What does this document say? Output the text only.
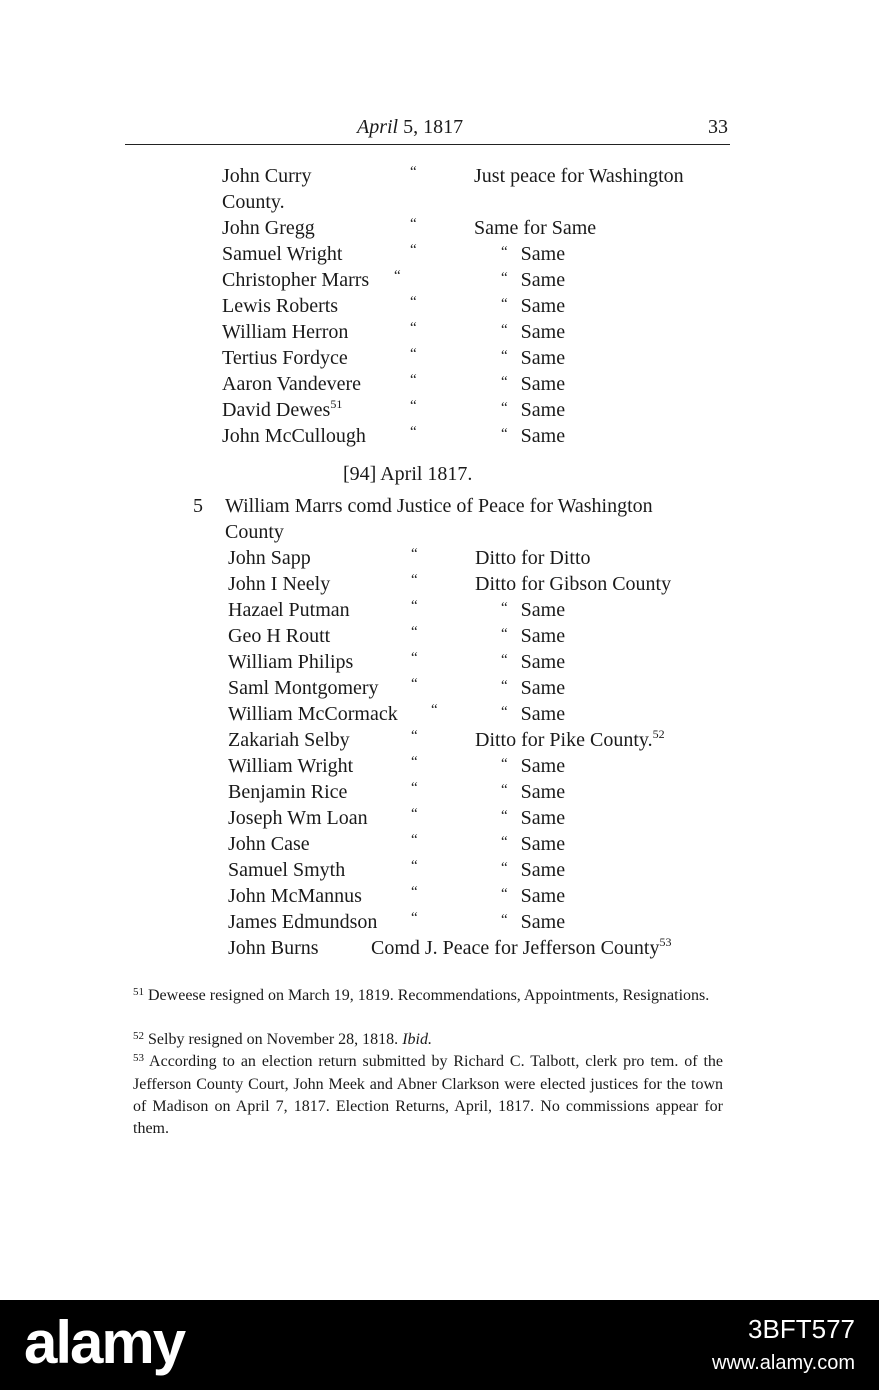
April 5, 1817	33
John Curry	“	Just peace for Washington
County.
John Gregg	“	Same for Same
Samuel Wright	“	“ Same
Christopher Marrs “	“ Same
Lewis Roberts	“	“ Same
William Herron	“	“ Same
Tertius Fordyce	“	“ Same
Aaron Vandevere	“	“ Same
David Dewes$^{51}$	“	“ Same
John McCullough	“	“ Same
[94] April 1817.
5 William Marrs comd Justice of Peace for Washington
County
John Sapp	“	Ditto for Ditto
John I Neely	“	Ditto for Gibson County
Hazael Putman	“	“ Same
Geo H Routt	“	“ Same
William Philips	“	“ Same
Saml Montgomery “	“ Same
William McCormack “	“ Same
Zakariah Selby	“	Ditto for Pike County.$^{52}$
William Wright	“	“ Same
Benjamin Rice	“	“ Same
Joseph Wm Loan	“	“ Same
John Case	“	“ Same
Samuel Smyth	“	“ Same
John McMannus	“	“ Same
James Edmundson “	“ Same
John Burns	Comd J. Peace for Jefferson County$^{53}$
$^{51}$ Deweese resigned on March 19, 1819. Recommendations, Appointments, Resignations.
$^{52}$ Selby resigned on November 28, 1818. Ibid.
$^{53}$ According to an election return submitted by Richard C. Talbott, clerk pro tem. of the Jefferson County Court, John Meek and Abner Clarkson were elected justices for the town of Madison on April 7, 1817. Election Returns, April, 1817. No commissions appear for them.
alamy	3BFT577
www.alamy.com
